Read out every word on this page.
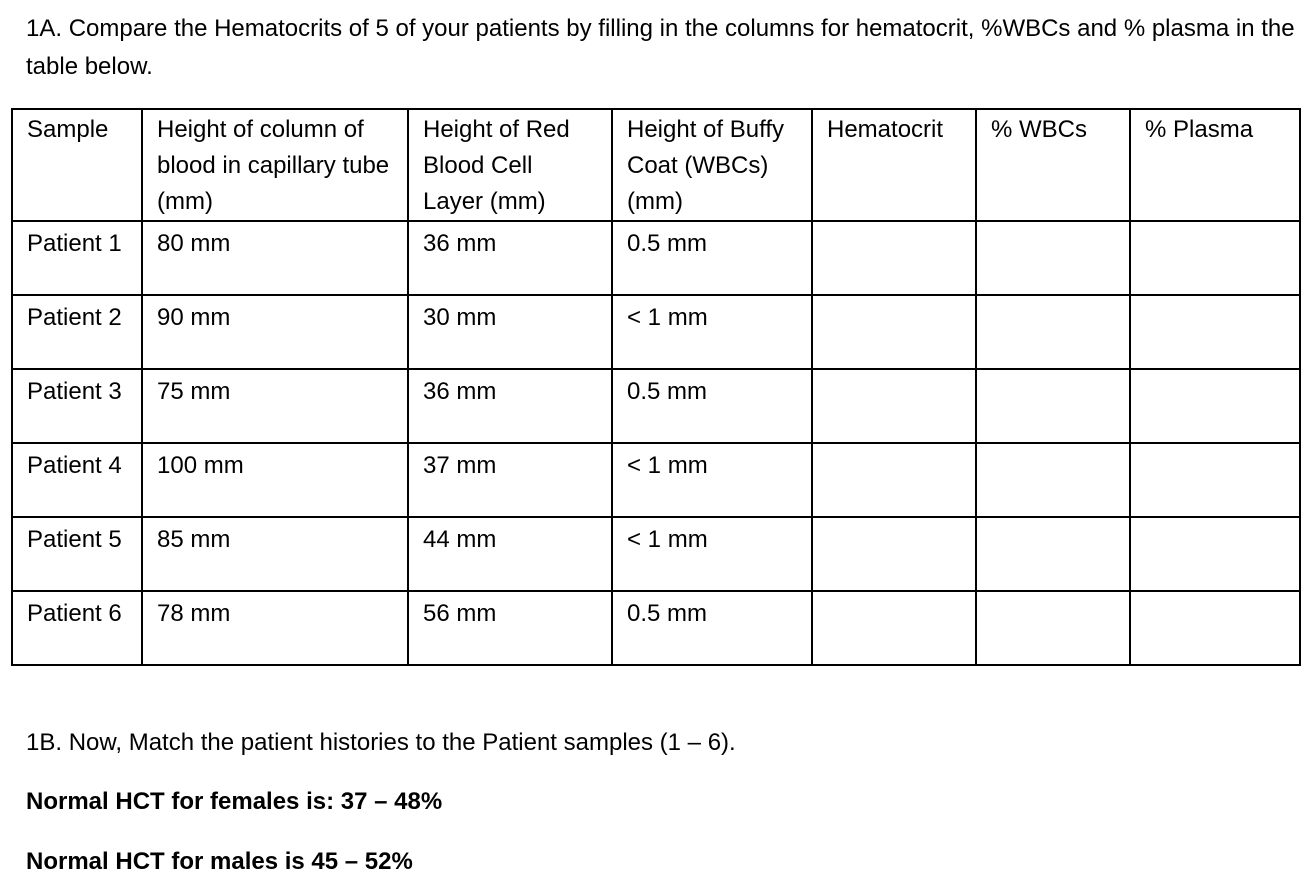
1A. Compare the Hematocrits of 5 of your patients by filling in the columns for hematocrit, %WBCs and % plasma in the table below.

Sample	Height of column of blood in capillary tube (mm)	Height of Red Blood Cell Layer (mm)	Height of Buffy Coat (WBCs) (mm)	Hematocrit	% WBCs	% Plasma
Patient 1	80 mm	36 mm	0.5 mm			
Patient 2	90 mm	30 mm	< 1 mm			
Patient 3	75 mm	36 mm	0.5 mm			
Patient 4	100 mm	37 mm	< 1 mm			
Patient 5	85 mm	44 mm	< 1 mm			
Patient 6	78 mm	56 mm	0.5 mm			

1B. Now, Match the patient histories to the Patient samples (1 – 6).

Normal HCT for females is: 37 – 48%

Normal HCT for males is 45 – 52%
